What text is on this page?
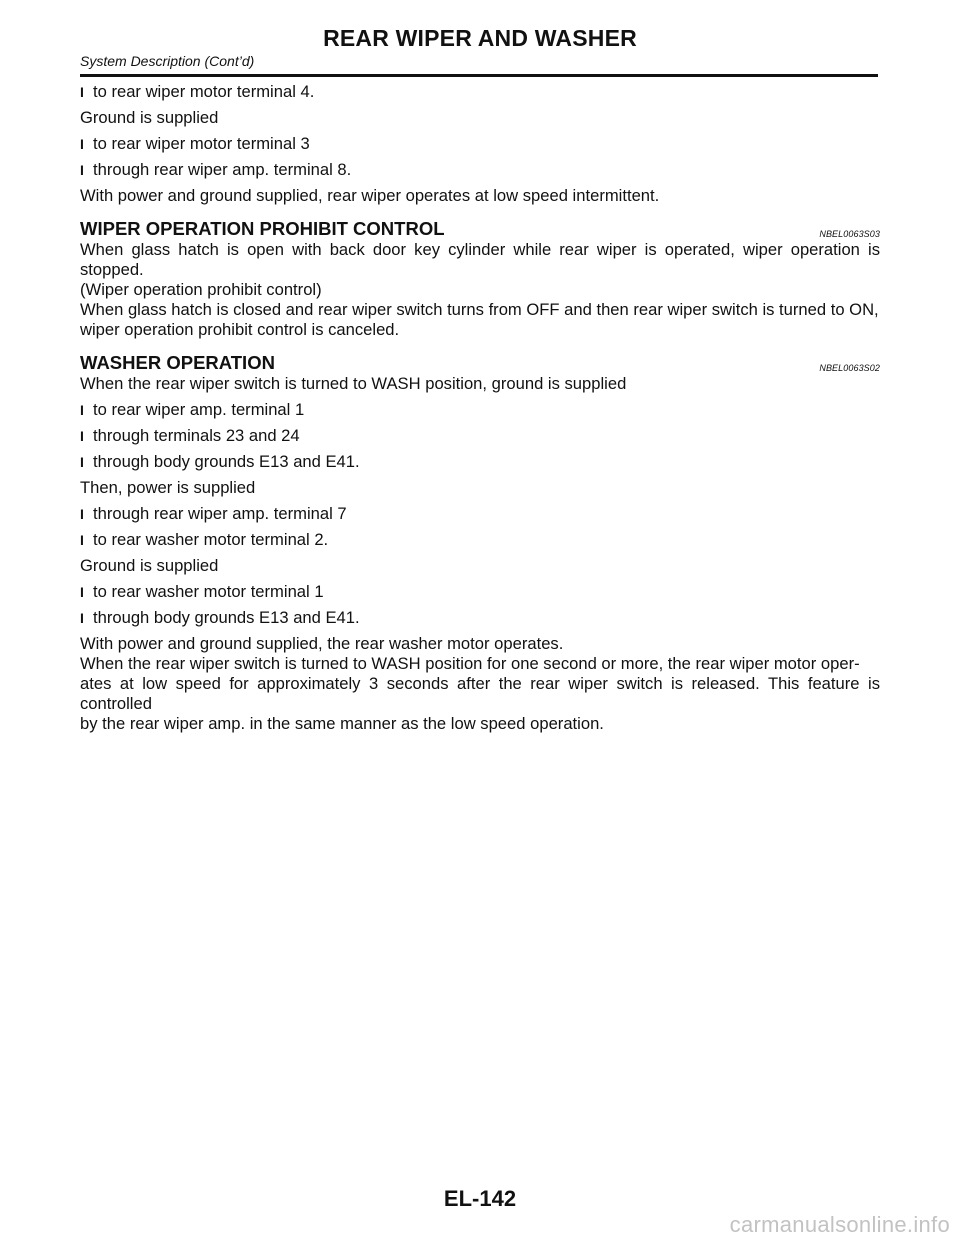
REAR WIPER AND WASHER
System Description (Cont’d)
I to rear wiper motor terminal 4.

Ground is supplied

I to rear wiper motor terminal 3
I through rear wiper amp. terminal 8.

With power and ground supplied, rear wiper operates at low speed intermittent.

WIPER OPERATION PROHIBIT CONTROL	NBEL0063S03

When glass hatch is open with back door key cylinder while rear wiper is operated, wiper operation is stopped.

(Wiper operation prohibit control)

When glass hatch is closed and rear wiper switch turns from OFF and then rear wiper switch is turned to ON,

wiper operation prohibit control is canceled.

WASHER OPERATION	NBEL0063S02

When the rear wiper switch is turned to WASH position, ground is supplied

I to rear wiper amp. terminal 1
I through terminals 23 and 24
I through body grounds E13 and E41.

Then, power is supplied

I through rear wiper amp. terminal 7
I to rear washer motor terminal 2.

Ground is supplied

I to rear washer motor terminal 1
I through body grounds E13 and E41.

With power and ground supplied, the rear washer motor operates.

When the rear wiper switch is turned to WASH position for one second or more, the rear wiper motor oper-

ates at low speed for approximately 3 seconds after the rear wiper switch is released. This feature is controlled

by the rear wiper amp. in the same manner as the low speed operation.

EL-142
carmanualsonline.info
